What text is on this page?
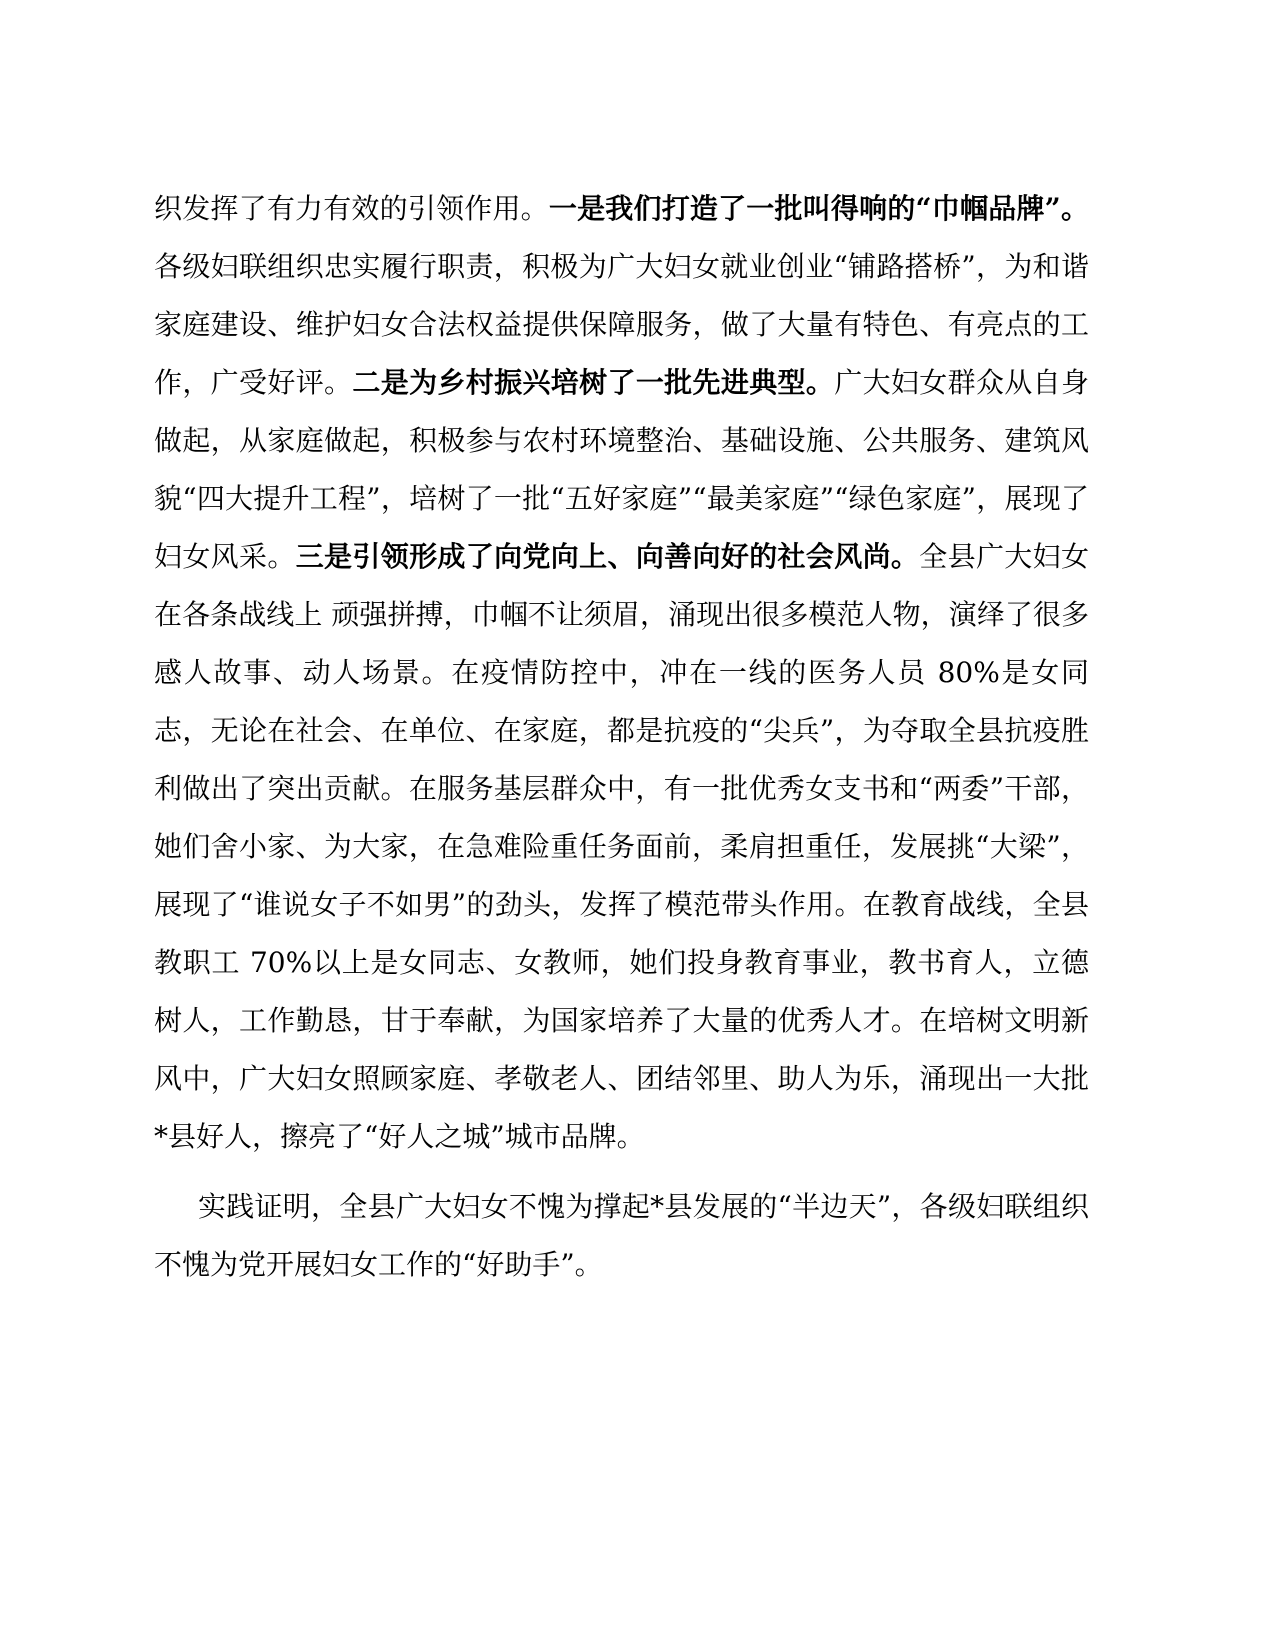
织发挥了有力有效的引领作用。一是我们打造了一批叫得响的“巾帼品牌”。各级妇联组织忠实履行职责，积极为广大妇女就业创业“铺路搭桥”，为和谐家庭建设、维护妇女合法权益提供保障服务，做了大量有特色、有亮点的工作，广受好评。二是为乡村振兴培树了一批先进典型。广大妇女群众从自身做起，从家庭做起，积极参与农村环境整治、基础设施、公共服务、建筑风貌“四大提升工程”，培树了一批“五好家庭”“最美家庭”“绿色家庭”，展现了妇女风采。三是引领形成了向党向上、向善向好的社会风尚。全县广大妇女在各条战线上 顽强拼搏，巾帼不让须眉，涌现出很多模范人物，演绎了很多感人故事、动人场景。在疫情防控中，冲在一线的医务人员 80%是女同志，无论在社会、在单位、在家庭，都是抗疫的“尖兵”，为夺取全县抗疫胜利做出了突出贡献。在服务基层群众中，有一批优秀女支书和“两委”干部，她们舍小家、为大家，在急难险重任务面前，柔肩担重任，发展挑“大梁”，展现了“谁说女子不如男”的劲头，发挥了模范带头作用。在教育战线，全县教职工 70%以上是女同志、女教师，她们投身教育事业，教书育人，立德树人，工作勤恳，甘于奉献，为国家培养了大量的优秀人才。在培树文明新风中，广大妇女照顾家庭、孝敬老人、团结邻里、助人为乐，涌现出一大批*县好人，擦亮了“好人之城”城市品牌。

实践证明，全县广大妇女不愧为撑起*县发展的“半边天”，各级妇联组织不愧为党开展妇女工作的“好助手”。
